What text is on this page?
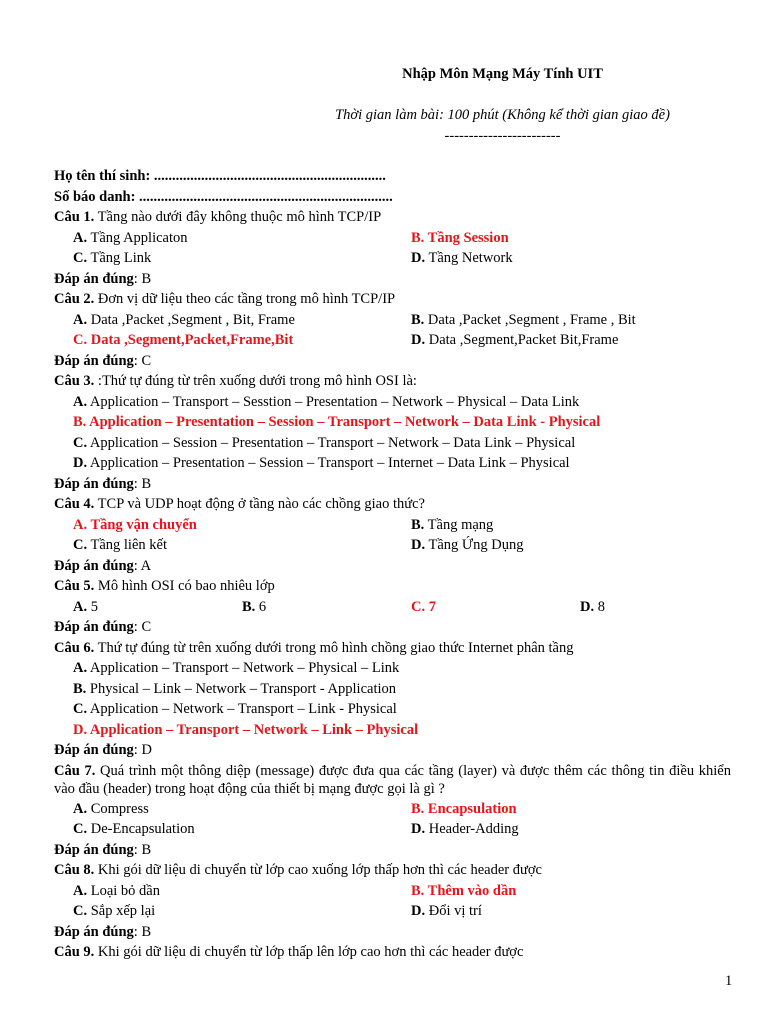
Nhập Môn Mạng Máy Tính UIT
Thời gian làm bài: 100 phút (Không kể thời gian giao đề)
------------------------
Họ tên thí sinh: ................................................................
Số báo danh: ......................................................................
Câu 1. Tầng nào dưới đây không thuộc mô hình TCP/IP
A. Tầng Applicaton	B. Tầng Session
C. Tầng Link	D. Tầng Network
Đáp án đúng: B
Câu 2. Đơn vị dữ liệu theo các tầng trong mô hình TCP/IP
A. Data ,Packet ,Segment , Bit, Frame	B. Data ,Packet ,Segment , Frame , Bit
C. Data ,Segment,Packet,Frame,Bit	D. Data ,Segment,Packet Bit,Frame
Đáp án đúng: C
Câu 3. :Thứ tự đúng từ trên xuống dưới trong mô hình OSI là:
A. Application – Transport – Sesstion – Presentation – Network – Physical – Data Link
B. Application – Presentation – Session – Transport – Network – Data Link - Physical
C. Application – Session – Presentation – Transport – Network – Data Link – Physical
D. Application – Presentation – Session – Transport – Internet – Data Link – Physical
Đáp án đúng: B
Câu 4. TCP và UDP hoạt động ở tầng nào các chồng giao thức?
A. Tầng vận chuyển	B. Tầng mạng
C. Tầng liên kết	D. Tầng Ứng Dụng
Đáp án đúng: A
Câu 5. Mô hình OSI có bao nhiêu lớp
A. 5	B. 6	C. 7	D. 8
Đáp án đúng: C
Câu 6. Thứ tự đúng từ trên xuống dưới trong mô hình chồng giao thức Internet phân tầng
A. Application – Transport – Network – Physical – Link
B. Physical – Link – Network – Transport - Application
C. Application – Network – Transport – Link - Physical
D. Application – Transport – Network – Link – Physical
Đáp án đúng: D
Câu 7. Quá trình một thông diệp (message) được đưa qua các tầng (layer) và được thêm các thông tin điều khiển vào đầu (header) trong hoạt động của thiết bị mạng được gọi là gì ?
A. Compress	B. Encapsulation
C. De-Encapsulation	D. Header-Adding
Đáp án đúng: B
Câu 8. Khi gói dữ liệu di chuyển từ lớp cao xuống lớp thấp hơn thì các header được
A. Loại bỏ dần	B. Thêm vào dần
C. Sắp xếp lại	D. Đổi vị trí
Đáp án đúng: B
Câu 9. Khi gói dữ liệu di chuyển từ lớp thấp lên lớp cao hơn thì các header được
1
